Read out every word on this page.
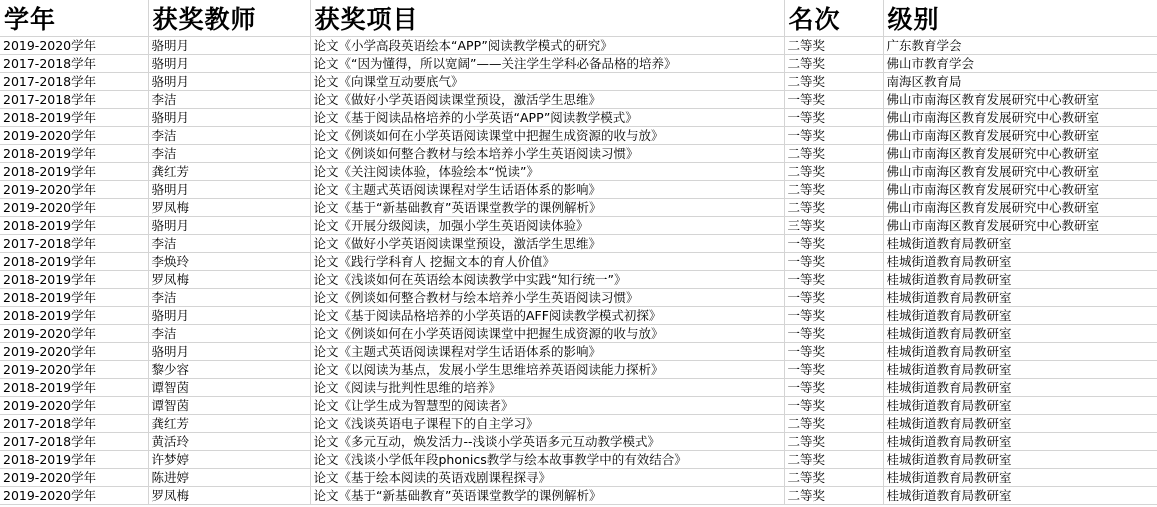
学年	获奖教师	获奖项目	名次	级别
2019-2020学年	骆明月	论文《小学高段英语绘本“APP”阅读教学模式的研究》	二等奖	广东教育学会
2017-2018学年	骆明月	论文《“因为懂得，所以宽阔”——关注学生学科必备品格的培养》	二等奖	佛山市教育学会
2017-2018学年	骆明月	论文《向课堂互动要底气》	二等奖	南海区教育局
2017-2018学年	李洁	论文《做好小学英语阅读课堂预设，激活学生思维》	一等奖	佛山市南海区教育发展研究中心教研室
2018-2019学年	骆明月	论文《基于阅读品格培养的小学英语“APP”阅读教学模式》	一等奖	佛山市南海区教育发展研究中心教研室
2019-2020学年	李洁	论文《例谈如何在小学英语阅读课堂中把握生成资源的收与放》	一等奖	佛山市南海区教育发展研究中心教研室
2018-2019学年	李洁	论文《例谈如何整合教材与绘本培养小学生英语阅读习惯》	二等奖	佛山市南海区教育发展研究中心教研室
2018-2019学年	龚红芳	论文《关注阅读体验，体验绘本“悦读”》	二等奖	佛山市南海区教育发展研究中心教研室
2019-2020学年	骆明月	论文《主题式英语阅读课程对学生话语体系的影响》	二等奖	佛山市南海区教育发展研究中心教研室
2019-2020学年	罗凤梅	论文《基于“新基础教育”英语课堂教学的课例解析》	二等奖	佛山市南海区教育发展研究中心教研室
2018-2019学年	骆明月	论文《开展分级阅读，加强小学生英语阅读体验》	三等奖	佛山市南海区教育发展研究中心教研室
2017-2018学年	李洁	论文《做好小学英语阅读课堂预设，激活学生思维》	一等奖	桂城街道教育局教研室
2018-2019学年	李焕玲	论文《践行学科育人 挖掘文本的育人价值》	一等奖	桂城街道教育局教研室
2018-2019学年	罗凤梅	论文《浅谈如何在英语绘本阅读教学中实践“知行统一”》	一等奖	桂城街道教育局教研室
2018-2019学年	李洁	论文《例谈如何整合教材与绘本培养小学生英语阅读习惯》	一等奖	桂城街道教育局教研室
2018-2019学年	骆明月	论文《基于阅读品格培养的小学英语的AFF阅读教学模式初探》	一等奖	桂城街道教育局教研室
2019-2020学年	李洁	论文《例谈如何在小学英语阅读课堂中把握生成资源的收与放》	一等奖	桂城街道教育局教研室
2019-2020学年	骆明月	论文《主题式英语阅读课程对学生话语体系的影响》	一等奖	桂城街道教育局教研室
2019-2020学年	黎少容	论文《以阅读为基点，发展小学生思维培养英语阅读能力探析》	一等奖	桂城街道教育局教研室
2018-2019学年	谭智茵	论文《阅读与批判性思维的培养》	一等奖	桂城街道教育局教研室
2019-2020学年	谭智茵	论文《让学生成为智慧型的阅读者》	一等奖	桂城街道教育局教研室
2017-2018学年	龚红芳	论文《浅谈英语电子课程下的自主学习》	二等奖	桂城街道教育局教研室
2017-2018学年	黄活玲	论文《多元互动，焕发活力--浅谈小学英语多元互动教学模式》	二等奖	桂城街道教育局教研室
2018-2019学年	许梦婷	论文《浅谈小学低年段phonics教学与绘本故事教学中的有效结合》	二等奖	桂城街道教育局教研室
2019-2020学年	陈进婷	论文《基于绘本阅读的英语戏剧课程探寻》	二等奖	桂城街道教育局教研室
2019-2020学年	罗凤梅	论文《基于“新基础教育”英语课堂教学的课例解析》	二等奖	桂城街道教育局教研室
